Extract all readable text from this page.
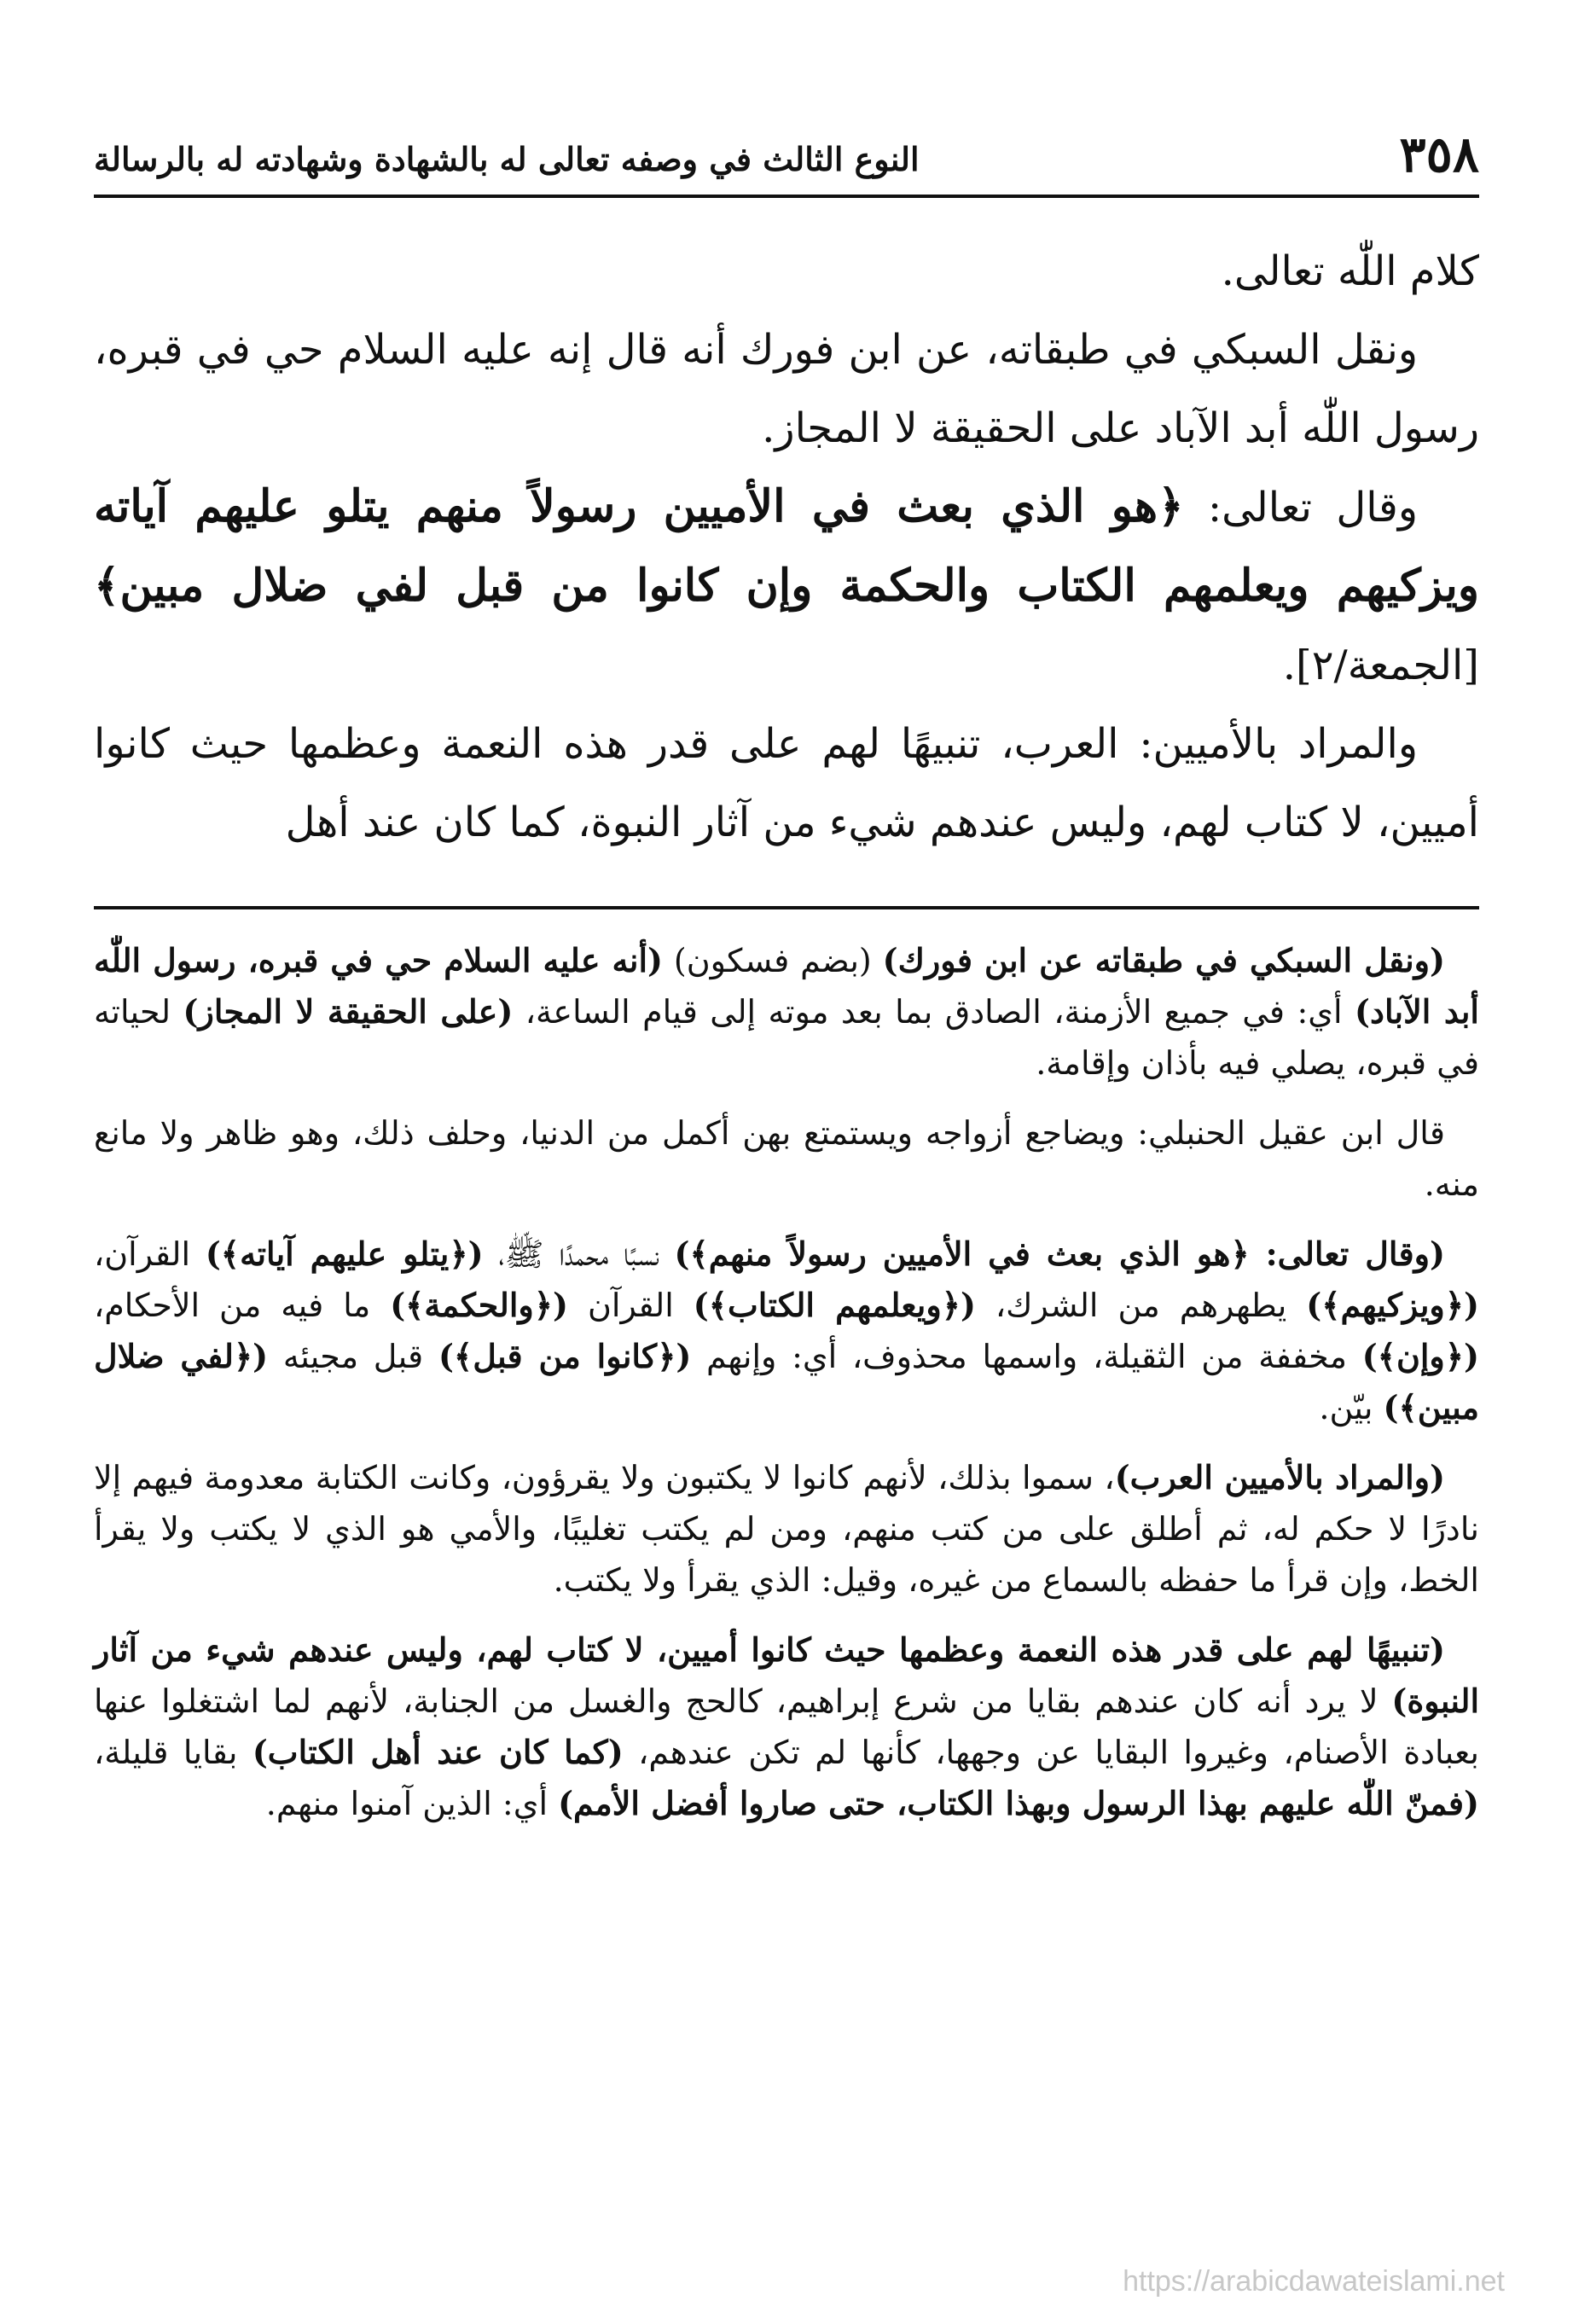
٣٥٨
النوع الثالث في وصفه تعالى له بالشهادة وشهادته له بالرسالة

كلام اللّٰه تعالى.

ونقل السبكي في طبقاته، عن ابن فورك أنه قال إنه عليه السلام حي في قبره، رسول اللّٰه أبد الآباد على الحقيقة لا المجاز.

وقال تعالى: ﴿هو الذي بعث في الأميين رسولاً منهم يتلو عليهم آياته ويزكيهم ويعلمهم الكتاب والحكمة وإن كانوا من قبل لفي ضلال مبين﴾ [الجمعة/٢].

والمراد بالأميين: العرب، تنبيهًا لهم على قدر هذه النعمة وعظمها حيث كانوا أميين، لا كتاب لهم، وليس عندهم شيء من آثار النبوة، كما كان عند أهل

(ونقل السبكي في طبقاته عن ابن فورك) (بضم فسكون) (أنه عليه السلام حي في قبره، رسول اللّٰه أبد الآباد) أي: في جميع الأزمنة، الصادق بما بعد موته إلى قيام الساعة، (على الحقيقة لا المجاز) لحياته في قبره، يصلي فيه بأذان وإقامة.

قال ابن عقيل الحنبلي: ويضاجع أزواجه ويستمتع بهن أكمل من الدنيا، وحلف ذلك، وهو ظاهر ولا مانع منه.

(وقال تعالى: ﴿هو الذي بعث في الأميين رسولاً منهم﴾) نسبًا محمدًا ﷺ، (﴿يتلو عليهم آياته﴾) القرآن، (﴿ويزكيهم﴾) يطهرهم من الشرك، (﴿ويعلمهم الكتاب﴾) القرآن (﴿والحكمة﴾) ما فيه من الأحكام، (﴿وإن﴾) مخففة من الثقيلة، واسمها محذوف، أي: وإنهم (﴿كانوا من قبل﴾) قبل مجيئه (﴿لفي ضلال مبين﴾) بيّن.

(والمراد بالأميين العرب)، سموا بذلك، لأنهم كانوا لا يكتبون ولا يقرؤون، وكانت الكتابة معدومة فيهم إلا نادرًا لا حكم له، ثم أطلق على من كتب منهم، ومن لم يكتب تغليبًا، والأمي هو الذي لا يكتب ولا يقرأ الخط، وإن قرأ ما حفظه بالسماع من غيره، وقيل: الذي يقرأ ولا يكتب.

(تنبيهًا لهم على قدر هذه النعمة وعظمها حيث كانوا أميين، لا كتاب لهم، وليس عندهم شيء من آثار النبوة) لا يرد أنه كان عندهم بقايا من شرع إبراهيم، كالحج والغسل من الجنابة، لأنهم لما اشتغلوا عنها بعبادة الأصنام، وغيروا البقايا عن وجهها، كأنها لم تكن عندهم، (كما كان عند أهل الكتاب) بقايا قليلة، (فمنّ اللّٰه عليهم بهذا الرسول وبهذا الكتاب، حتى صاروا أفضل الأمم) أي: الذين آمنوا منهم.

https://arabicdawateislami.net
